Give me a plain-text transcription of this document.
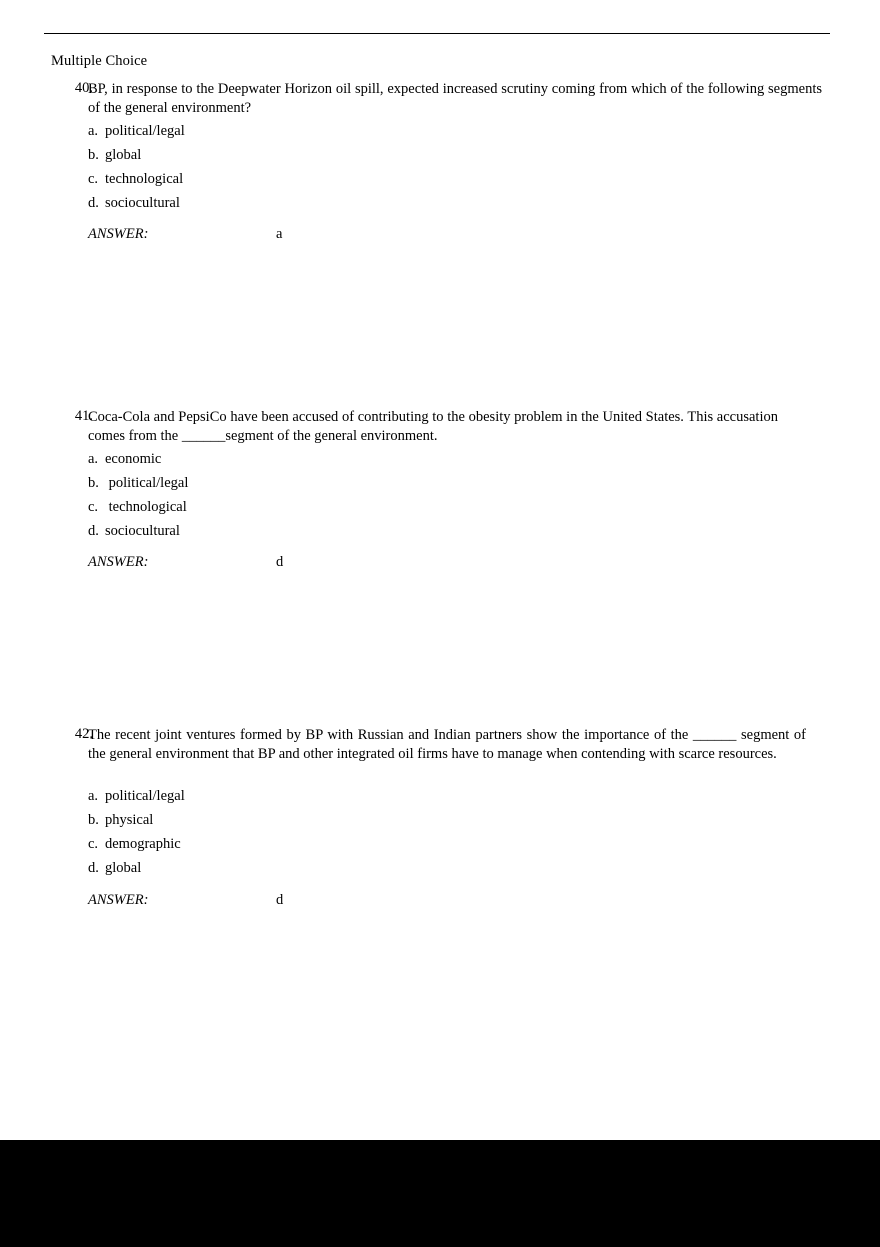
Multiple Choice
40.
BP, in response to the Deepwater Horizon oil spill, expected increased scrutiny coming from which of the following segments of the general environment?
a. political/legal
b. global
c. technological
d. sociocultural
ANSWER:	a
41.
Coca-Cola and PepsiCo have been accused of contributing to the obesity problem in the United States. This accusation comes from the ______segment of the general environment.
a. economic
b. political/legal
c. technological
d. sociocultural
ANSWER:	d
42.
The recent joint ventures formed by BP with Russian and Indian partners show the importance of the ______ segment of the general environment that BP and other integrated oil firms have to manage when contending with scarce resources.
a. political/legal
b. physical
c. demographic
d. global
ANSWER:	d
